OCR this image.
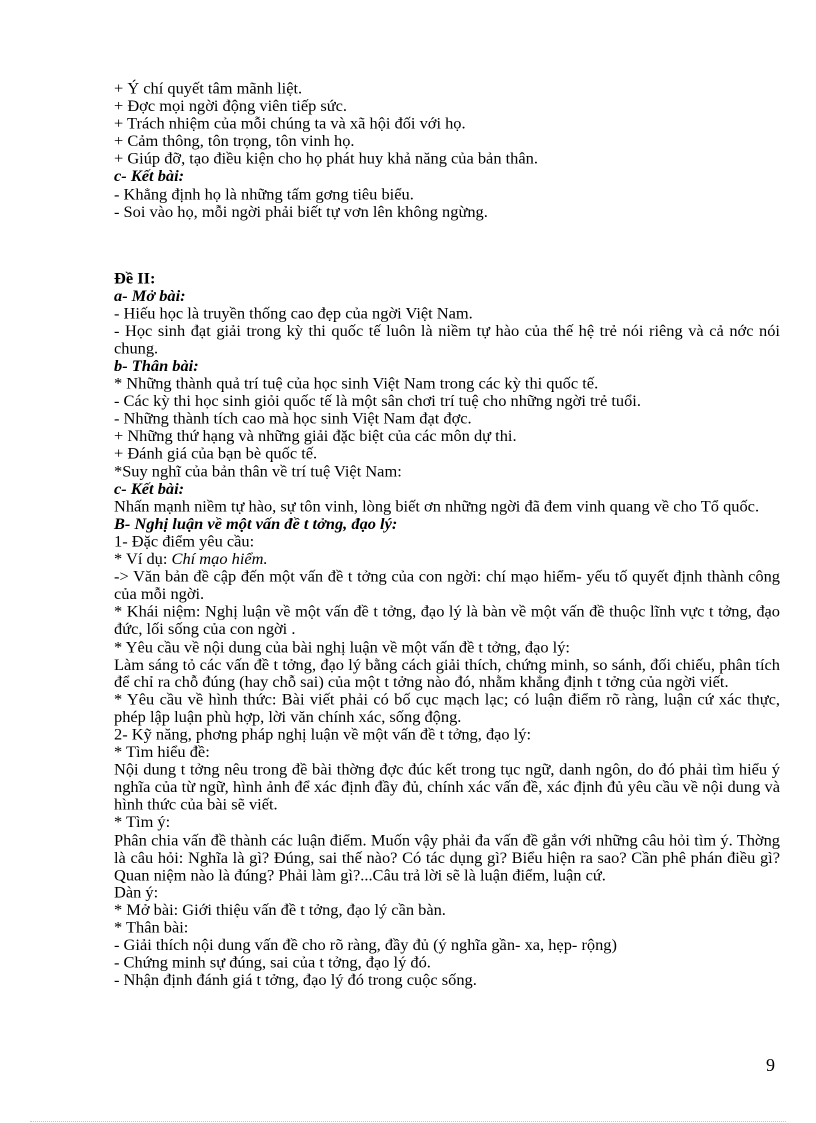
+ Ý chí quyết tâm mãnh liệt.

+ Đợc mọi ngời động viên tiếp sức.

+ Trách nhiệm của mỗi chúng ta và xã hội đối với họ.

+ Cảm thông, tôn trọng, tôn vinh họ.

+ Giúp đỡ, tạo điều kiện cho họ phát huy khả năng của bản thân.

c- Kết bài:

- Khẳng định họ là những tấm gơng tiêu biểu.

- Soi vào họ, mỗi ngời phải biết tự vơn lên không ngừng.

Đề II:

a- Mở bài:

- Hiếu học là truyền thống cao đẹp của ngời Việt Nam.

- Học sinh đạt giải trong kỳ thi quốc tế luôn là niềm tự hào của thế hệ trẻ nói riêng và cả nớc nói chung.

b- Thân bài:

* Những thành quả trí tuệ của học sinh Việt Nam trong các kỳ thi quốc tế.

- Các kỳ thi học sinh giỏi quốc tế là một sân chơi trí tuệ cho những ngời trẻ tuổi.

- Những thành tích cao mà học sinh Việt Nam đạt đợc.

+ Những thứ hạng và những giải đặc biệt của các môn dự thi.

+ Đánh giá của bạn bè quốc tế.

*Suy nghĩ của bản thân về trí tuệ Việt Nam:

c- Kết bài:

Nhấn mạnh niềm tự hào, sự tôn vinh, lòng biết ơn những ngời đã đem vinh quang về cho Tổ quốc.

B- Nghị luận về một vấn đề t tởng, đạo lý:

1- Đặc điểm yêu cầu:

* Ví dụ: Chí mạo hiểm.

-> Văn bản đề cập đến một vấn đề t tởng của con ngời: chí mạo hiểm- yếu tố quyết định thành công của mỗi ngời.

* Khái niệm: Nghị luận về một vấn đề t tởng, đạo lý là bàn về một vấn đề thuộc lĩnh vực t tởng, đạo đức, lối sống của con ngời .

* Yêu cầu về nội dung của bài nghị luận về một vấn đề t tởng, đạo lý:

Làm sáng tỏ các vấn đề t tởng, đạo lý bằng cách giải thích, chứng minh, so sánh, đối chiếu, phân tích để chỉ ra chỗ đúng (hay chỗ sai) của một t tởng nào đó, nhằm khẳng định t tởng của ngời viết.

* Yêu cầu về hình thức: Bài viết phải có bố cục mạch lạc; có luận điểm rõ ràng, luận cứ xác thực, phép lập luận phù hợp, lời văn chính xác, sống động.

2- Kỹ năng, phơng pháp nghị luận về một vấn đề t tởng, đạo lý:

* Tìm hiểu đề:

Nội dung t tởng nêu trong đề bài thờng đợc đúc kết trong tục ngữ, danh ngôn, do đó phải tìm hiểu ý nghĩa của từ ngữ, hình ảnh để xác định đầy đủ, chính xác vấn đề, xác định đủ yêu cầu về nội dung và hình thức của bài sẽ viết.

* Tìm ý:

Phân chia vấn đề thành các luận điểm. Muốn vậy phải đa vấn đề gắn với những câu hỏi tìm ý. Thờng là câu hỏi: Nghĩa là gì? Đúng, sai thế nào? Có tác dụng gì? Biểu hiện ra sao? Cần phê phán điều gì? Quan niệm nào là đúng? Phải làm gì?...Câu trả lời sẽ là luận điểm, luận cứ.

Dàn ý:

* Mở bài: Giới thiệu vấn đề t tởng, đạo lý cần bàn.

* Thân bài:

- Giải thích nội dung vấn đề cho rõ ràng, đầy đủ (ý nghĩa gần- xa, hẹp- rộng)

- Chứng minh sự đúng, sai của t tởng, đạo lý đó.

- Nhận định đánh giá t tởng, đạo lý đó trong cuộc sống.

9
